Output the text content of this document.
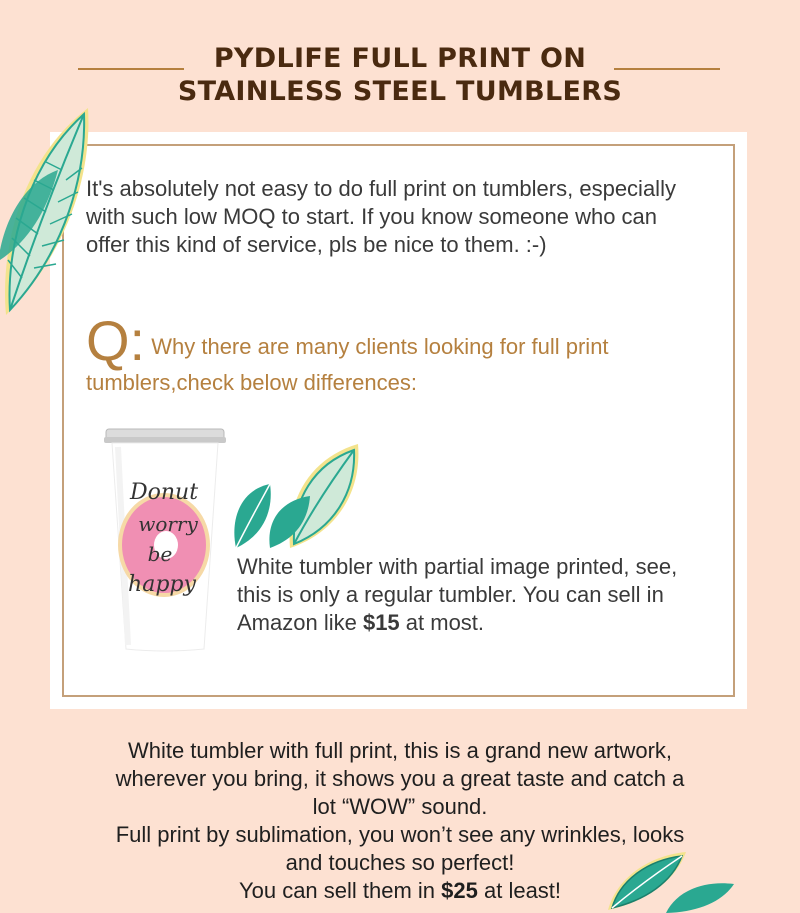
PYDLIFE FULL PRINT ON
STAINLESS STEEL TUMBLERS
It's absolutely not easy to do full print on tumblers, especially with such low MOQ to start. If you know someone who can offer this kind of service, pls be nice to them. :-)
Q: Why there are many clients looking for full print tumblers,check below differences:
Donut
worry
be
happy
White tumbler with partial image printed, see, this is only a regular tumbler. You can sell in Amazon like $15 at most.
White tumbler with full print, this is a grand new artwork,
wherever you bring, it shows you a great taste and catch a
lot “WOW” sound.
Full print by sublimation, you won’t see any wrinkles, looks
and touches so perfect!
You can sell them in $25 at least!
